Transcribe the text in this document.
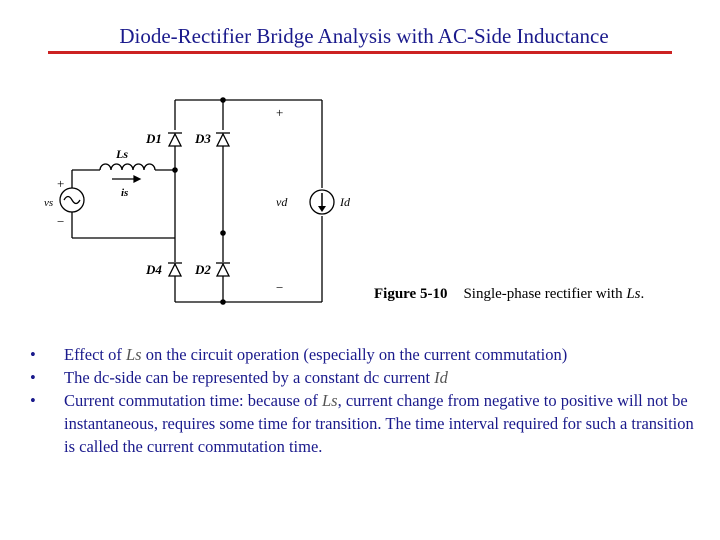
Diode-Rectifier Bridge Analysis with AC-Side Inductance
D1	D3
D4	D2
Ls
is
vs
+
−
vd	Id
+
−	Figure 5-10 Single-phase rectifier with Ls.
• Effect of Ls on the circuit operation (especially on the current commutation)
• The dc-side can be represented by a constant dc current Id
• Current commutation time: because of Ls, current change from negative to positive will not be instantaneous, requires some time for transition. The time interval required for such a transition is called the current commutation time.
